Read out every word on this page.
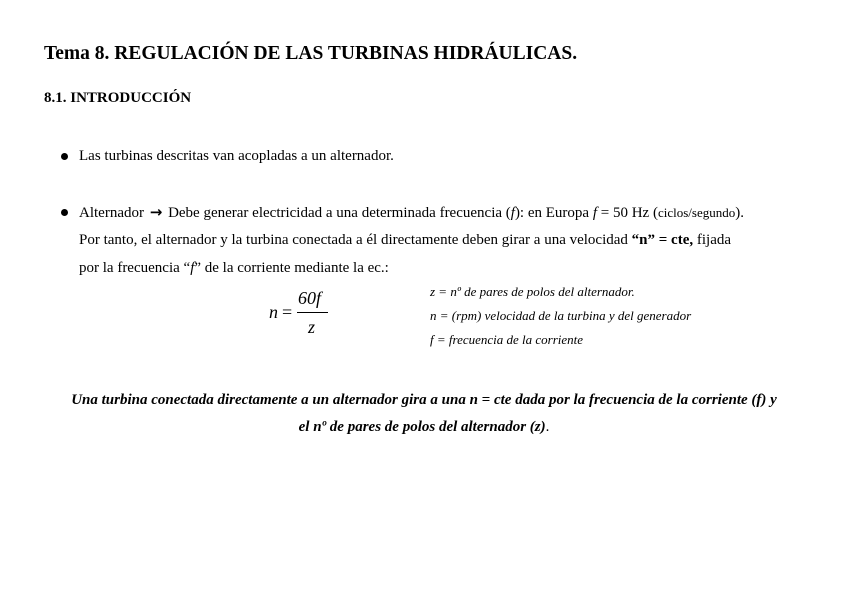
Tema 8. REGULACIÓN DE LAS TURBINAS HIDRÁULICAS.
8.1. INTRODUCCIÓN
Las turbinas descritas van acopladas a un alternador.
Alternador → Debe generar electricidad a una determinada frecuencia (f): en Europa f = 50 Hz (ciclos/segundo).
Por tanto, el alternador y la turbina conectada a él directamente deben girar a una velocidad “n” = cte, fijada
por la frecuencia “f” de la corriente mediante la ec.:
n =
60f
z
z = nº de pares de polos del alternador.
n = (rpm) velocidad de la turbina y del generador
f = frecuencia de la corriente
Una turbina conectada directamente a un alternador gira a una n = cte dada por la frecuencia de la corriente (f) y
el nº de pares de polos del alternador (z).
